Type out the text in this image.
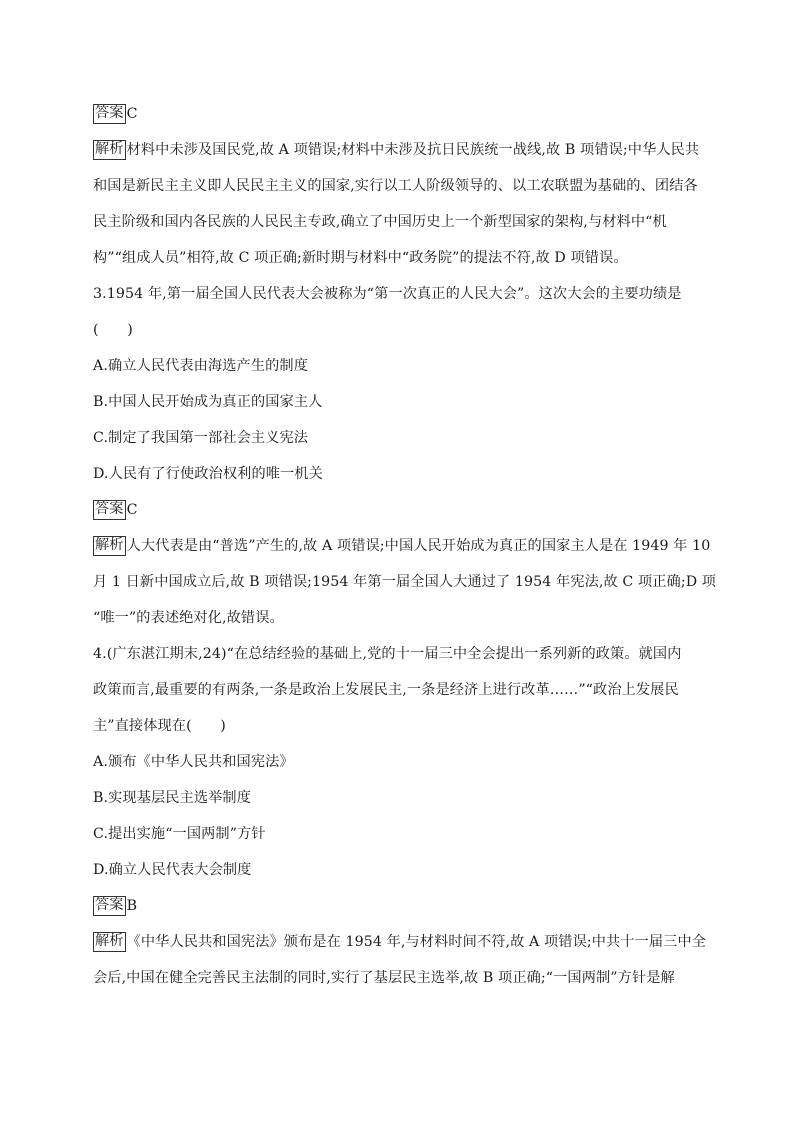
答案 C
解析 材料中未涉及国民党,故 A 项错误;材料中未涉及抗日民族统一战线,故 B 项错误;中华人民共
和国是新民主主义即人民民主主义的国家,实行以工人阶级领导的、以工农联盟为基础的、团结各
民主阶级和国内各民族的人民民主专政,确立了中国历史上一个新型国家的架构,与材料中“机
构”“组成人员”相符,故 C 项正确;新时期与材料中“政务院”的提法不符,故 D 项错误。
3.1954 年,第一届全国人民代表大会被称为“第一次真正的人民大会”。这次大会的主要功绩是
(　　)
A.确立人民代表由海选产生的制度
B.中国人民开始成为真正的国家主人
C.制定了我国第一部社会主义宪法
D.人民有了行使政治权利的唯一机关
答案 C
解析 人大代表是由“普选”产生的,故 A 项错误;中国人民开始成为真正的国家主人是在 1949 年 10
月 1 日新中国成立后,故 B 项错误;1954 年第一届全国人大通过了 1954 年宪法,故 C 项正确;D 项
“唯一”的表述绝对化,故错误。
4.(广东湛江期末,24)“在总结经验的基础上,党的十一届三中全会提出一系列新的政策。就国内
政策而言,最重要的有两条,一条是政治上发展民主,一条是经济上进行改革……”“政治上发展民
主”直接体现在(　　)
A.颁布《中华人民共和国宪法》
B.实现基层民主选举制度
C.提出实施“一国两制”方针
D.确立人民代表大会制度
答案 B
解析 《中华人民共和国宪法》颁布是在 1954 年,与材料时间不符,故 A 项错误;中共十一届三中全
会后,中国在健全完善民主法制的同时,实行了基层民主选举,故 B 项正确;“一国两制”方针是解
